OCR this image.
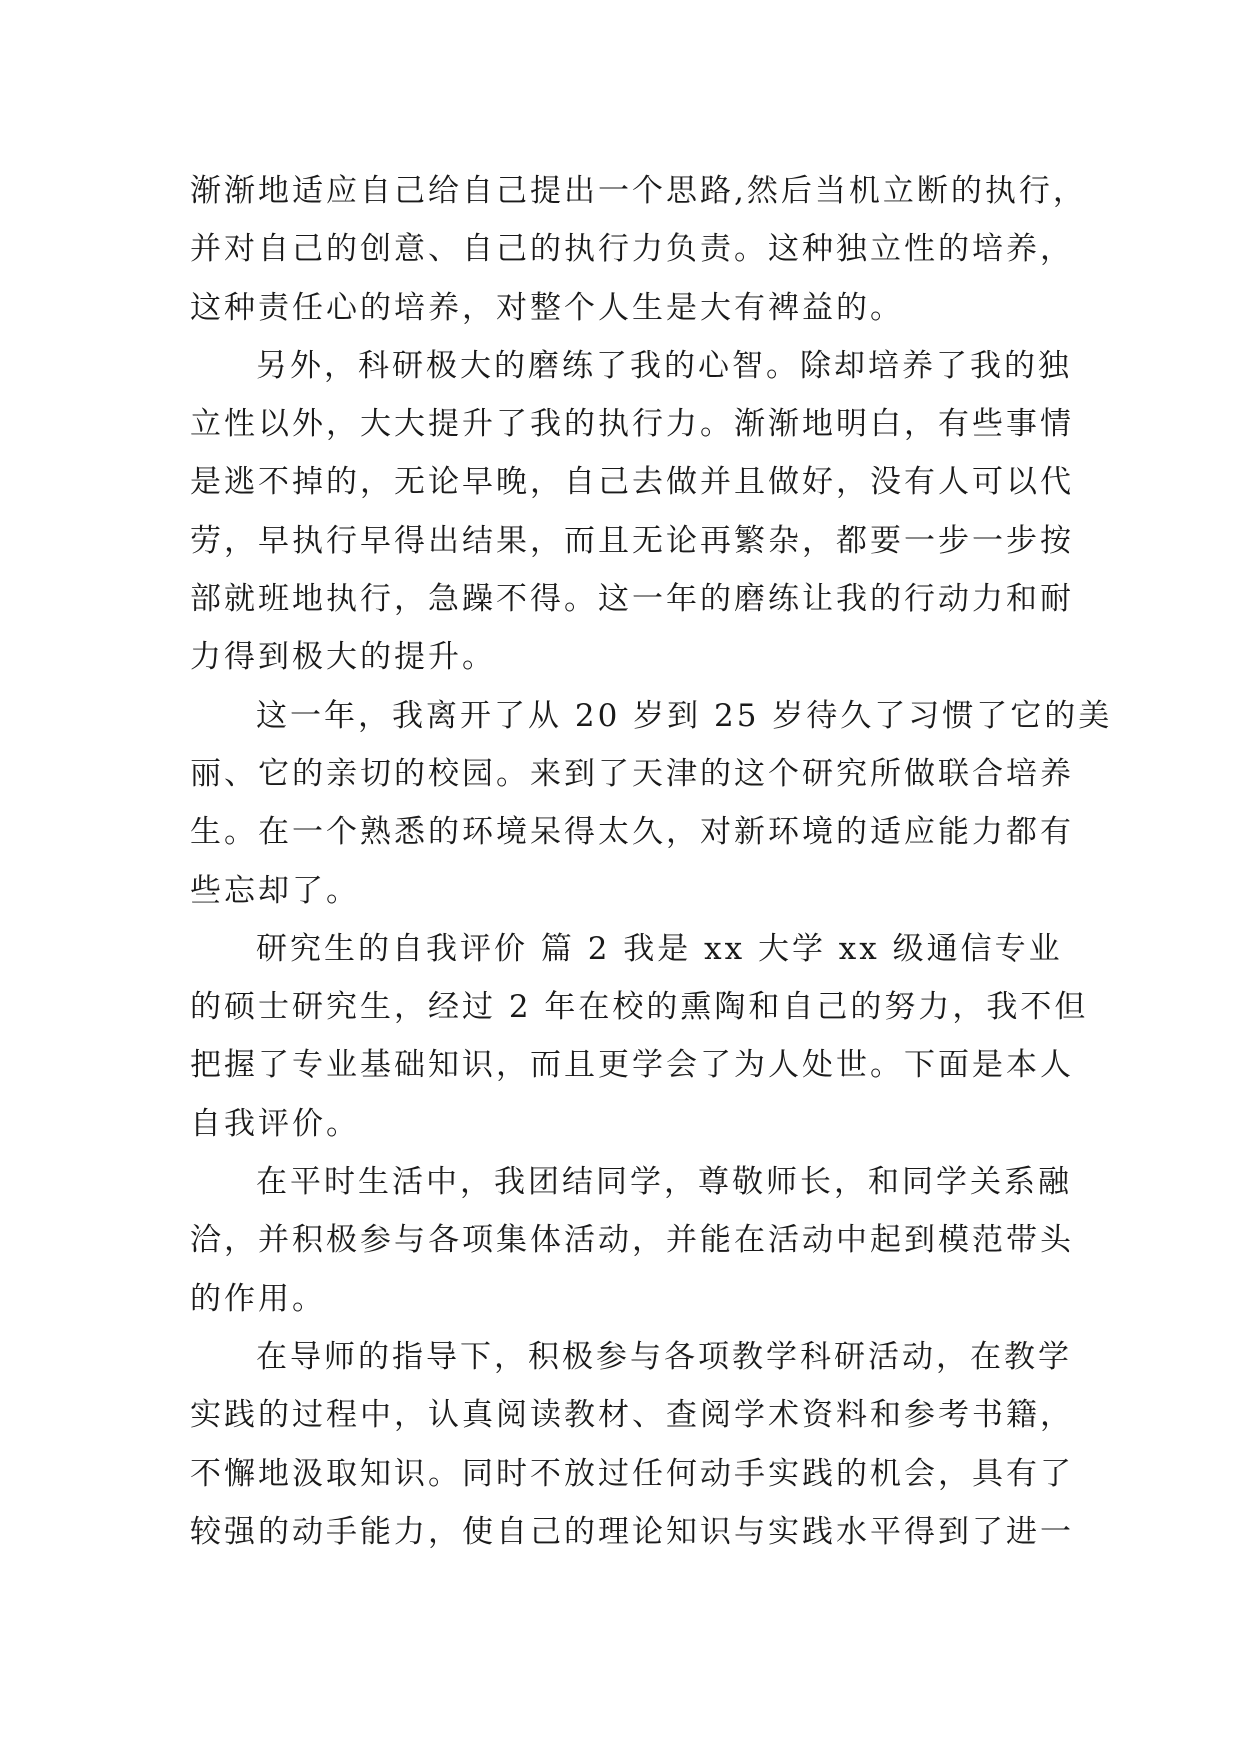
渐渐地适应自己给自己提出一个思路,然后当机立断的执行，
并对自己的创意、自己的执行力负责。这种独立性的培养，
这种责任心的培养，对整个人生是大有裨益的。
另外，科研极大的磨练了我的心智。除却培养了我的独
立性以外，大大提升了我的执行力。渐渐地明白，有些事情
是逃不掉的，无论早晚，自己去做并且做好，没有人可以代
劳，早执行早得出结果，而且无论再繁杂，都要一步一步按
部就班地执行，急躁不得。这一年的磨练让我的行动力和耐
力得到极大的提升。
这一年，我离开了从 20 岁到 25 岁待久了习惯了它的美
丽、它的亲切的校园。来到了天津的这个研究所做联合培养
生。在一个熟悉的环境呆得太久，对新环境的适应能力都有
些忘却了。
研究生的自我评价 篇 2 我是 xx 大学 xx 级通信专业
的硕士研究生，经过 2 年在校的熏陶和自己的努力，我不但
把握了专业基础知识，而且更学会了为人处世。下面是本人
自我评价。
在平时生活中，我团结同学，尊敬师长，和同学关系融
洽，并积极参与各项集体活动，并能在活动中起到模范带头
的作用。
在导师的指导下，积极参与各项教学科研活动，在教学
实践的过程中，认真阅读教材、查阅学术资料和参考书籍，
不懈地汲取知识。同时不放过任何动手实践的机会，具有了
较强的动手能力，使自己的理论知识与实践水平得到了进一
